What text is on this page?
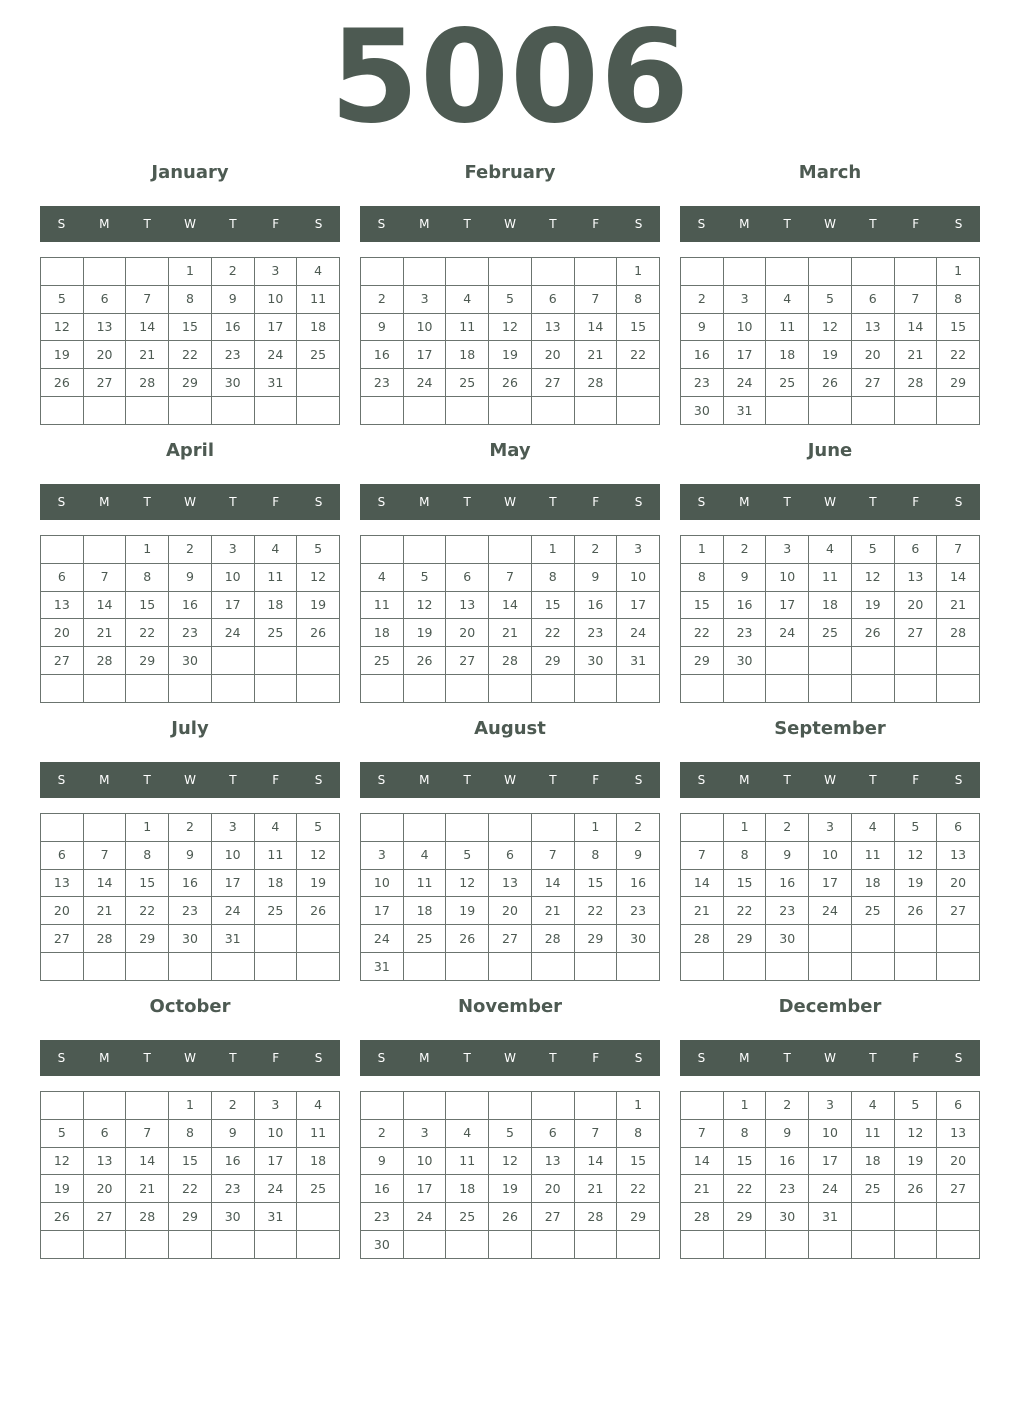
5006
January
S	M	T	W	T	F	S
			1	2	3	4
5	6	7	8	9	10	11
12	13	14	15	16	17	18
19	20	21	22	23	24	25
26	27	28	29	30	31	

February
S	M	T	W	T	F	S
						1
2	3	4	5	6	7	8
9	10	11	12	13	14	15
16	17	18	19	20	21	22
23	24	25	26	27	28	

March
S	M	T	W	T	F	S
						1
2	3	4	5	6	7	8
9	10	11	12	13	14	15
16	17	18	19	20	21	22
23	24	25	26	27	28	29
30	31					
April
S	M	T	W	T	F	S
		1	2	3	4	5
6	7	8	9	10	11	12
13	14	15	16	17	18	19
20	21	22	23	24	25	26
27	28	29	30			

May
S	M	T	W	T	F	S
				1	2	3
4	5	6	7	8	9	10
11	12	13	14	15	16	17
18	19	20	21	22	23	24
25	26	27	28	29	30	31

June
S	M	T	W	T	F	S
1	2	3	4	5	6	7
8	9	10	11	12	13	14
15	16	17	18	19	20	21
22	23	24	25	26	27	28
29	30					

July
S	M	T	W	T	F	S
		1	2	3	4	5
6	7	8	9	10	11	12
13	14	15	16	17	18	19
20	21	22	23	24	25	26
27	28	29	30	31		

August
S	M	T	W	T	F	S
					1	2
3	4	5	6	7	8	9
10	11	12	13	14	15	16
17	18	19	20	21	22	23
24	25	26	27	28	29	30
31						
September
S	M	T	W	T	F	S
	1	2	3	4	5	6
7	8	9	10	11	12	13
14	15	16	17	18	19	20
21	22	23	24	25	26	27
28	29	30				

October
S	M	T	W	T	F	S
			1	2	3	4
5	6	7	8	9	10	11
12	13	14	15	16	17	18
19	20	21	22	23	24	25
26	27	28	29	30	31	

November
S	M	T	W	T	F	S
						1
2	3	4	5	6	7	8
9	10	11	12	13	14	15
16	17	18	19	20	21	22
23	24	25	26	27	28	29
30						
December
S	M	T	W	T	F	S
	1	2	3	4	5	6
7	8	9	10	11	12	13
14	15	16	17	18	19	20
21	22	23	24	25	26	27
28	29	30	31			
